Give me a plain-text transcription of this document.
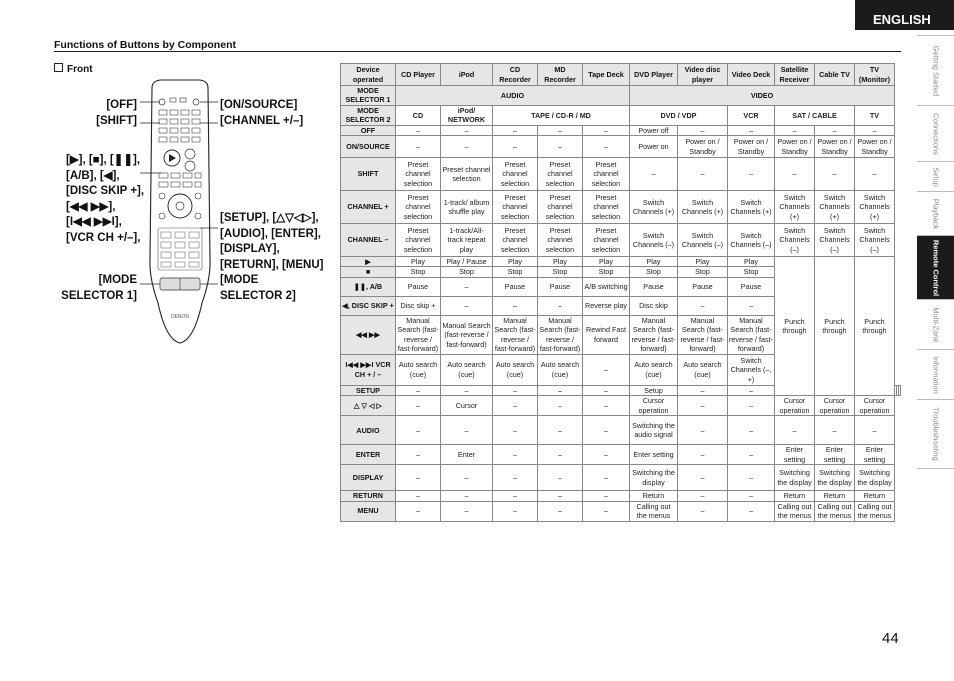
ENGLISH
Functions of Buttons by Component
Front
[OFF]
[SHIFT]
[ON/SOURCE]
[CHANNEL +/–]
[▶], [■], [❚❚],
[A/B], [◀],
[DISC SKIP +],
[◀◀ ▶▶],
[I◀◀ ▶▶I],
[VCR CH +/–],
[SETUP], [△▽◁▷],
[AUDIO], [ENTER],
[DISPLAY],
[RETURN], [MENU]
[MODE
SELECTOR 1]
[MODE
SELECTOR 2]
DENON
Getting Started
Connections
Setup
Playback
Remote Control
Multi-Zone
Information
Troubleshooting
Device operated	CD Player	iPod	CD Recorder	MD Recorder	Tape Deck	DVD Player	Video disc player	Video Deck	Satellite Receiver	Cable TV	TV (Monitor)			
MODE SELECTOR 1	AUDIO					VIDEO								
MODE SELECTOR 2	CD	iPod/ NETWORK	TAPE / CD-R / MD			DVD / VDP		VCR	SAT / CABLE		TV			
OFF	–	–	–	–	–	Power off	–	–	–	–	–			
ON/SOURCE	–	–	–	–	–	Power on	Power on / Standby	Power on / Standby	Power on / Standby	Power on / Standby	Power on / Standby			
SHIFT	Preset channel selection	Preset channel selection	Preset channel selection	Preset channel selection	Preset channel selection	–	–	–	–	–	–			
CHANNEL +	Preset channel selection	1-track/ album shuffle play	Preset channel selection	Preset channel selection	Preset channel selection	Switch Channels (+)	Switch Channels (+)	Switch Channels (+)	Switch Channels (+)	Switch Channels (+)	Switch Channels (+)			
CHANNEL –	Preset channel selection	1-track/All- track repeat play	Preset channel selection	Preset channel selection	Preset channel selection	Switch Channels (–)	Switch Channels (–)	Switch Channels (–)	Switch Channels (–)	Switch Channels (–)	Switch Channels (–)			
▶	Play	Play / Pause	Play	Play	Play	Play	Play	Play	Punch through	Punch through	Punch through			
■	Stop	Stop	Stop	Stop	Stop	Stop	Stop	Stop						
❚❚, A/B	Pause	–	Pause	Pause	A/B switching	Pause	Pause	Pause						
◀, DISC SKIP +	Disc skip +	–	–	–	Reverse play	Disc skip	–	–						
◀◀ ▶▶	Manual Search (fast-reverse / fast-forward)	Manual Search (fast-reverse / fast-forward)	Manual Search (fast-reverse / fast-forward)	Manual Search (fast-reverse / fast-forward)	Rewind Fast forward	Manual Search (fast-reverse / fast-forward)	Manual Search (fast-reverse / fast-forward)	Manual Search (fast-reverse / fast-forward)						
I◀◀ ▶▶I VCR CH + / –	Auto search (cue)	Auto search (cue)	Auto search (cue)	Auto search (cue)	–	Auto search (cue)	Auto search (cue)	Switch Channels (–, +)						
SETUP	–	–	–	–	–	Setup	–	–			
△ ▽ ◁ ▷	–	Cursor	–	–	–	Cursor operation	–	–	Cursor operation	Cursor operation	Cursor operation			
AUDIO	–	–	–	–	–	Switching the audio signal	–	–	–	–	–			
ENTER	–	Enter	–	–	–	Enter setting	–	–	Enter setting	Enter setting	Enter setting			
DISPLAY	–	–	–	–	–	Switching the display	–	–	Switching the display	Switching the display	Switching the display			
RETURN	–	–	–	–	–	Return	–	–	Return	Return	Return			
MENU	–	–	–	–	–	Calling out the menus	–	–	Calling out the menus	Calling out the menus	Calling out the menus			
44
